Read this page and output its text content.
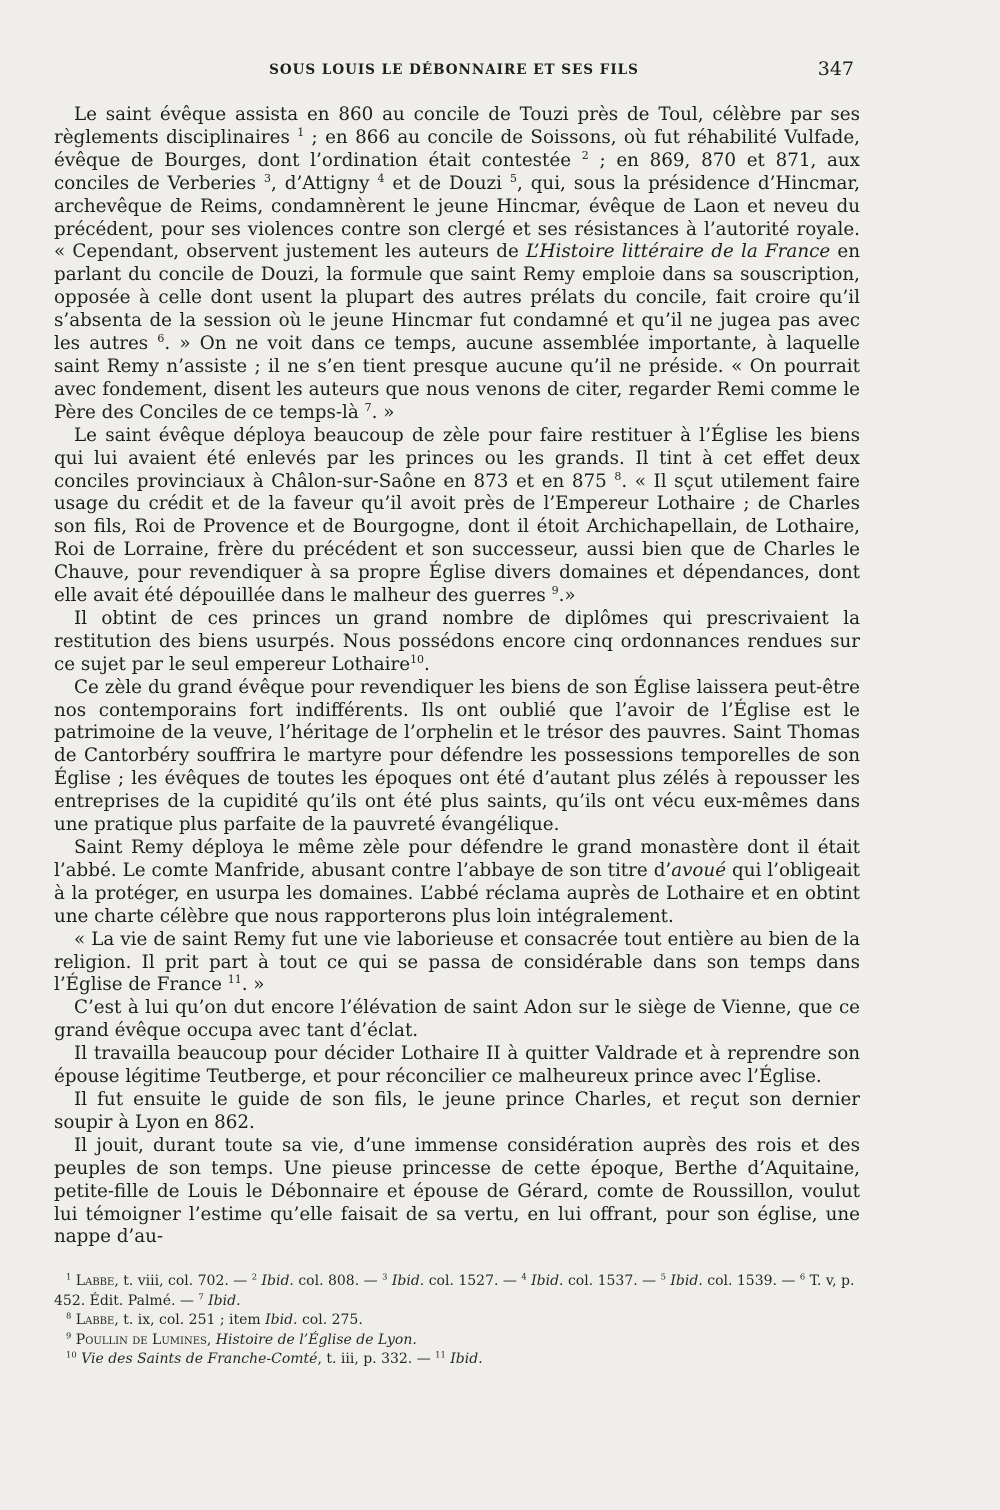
SOUS LOUIS LE DÉBONNAIRE ET SES FILS	347

Le saint évêque assista en 860 au concile de Touzi près de Toul, célèbre par ses règlements disciplinaires $^1$ ; en 866 au concile de Soissons, où fut réhabilité Vulfade, évêque de Bourges, dont l’ordination était contestée $^2$ ; en 869, 870 et 871, aux conciles de Verberies $^3$, d’Attigny $^4$ et de Douzi $^5$, qui, sous la présidence d’Hincmar, archevêque de Reims, condamnèrent le jeune Hincmar, évêque de Laon et neveu du précédent, pour ses violences contre son clergé et ses résistances à l’autorité royale. « Cependant, observent justement les auteurs de L’Histoire littéraire de la France en parlant du concile de Douzi, la formule que saint Remy emploie dans sa souscription, opposée à celle dont usent la plupart des autres prélats du concile, fait croire qu’il s’absenta de la session où le jeune Hincmar fut condamné et qu’il ne jugea pas avec les autres $^6$. » On ne voit dans ce temps, aucune assemblée importante, à laquelle saint Remy n’assiste ; il ne s’en tient presque aucune qu’il ne préside. « On pourrait avec fondement, disent les auteurs que nous venons de citer, regarder Remi comme le Père des Conciles de ce temps-là $^7$. »

Le saint évêque déploya beaucoup de zèle pour faire restituer à l’Église les biens qui lui avaient été enlevés par les princes ou les grands. Il tint à cet effet deux conciles provinciaux à Châlon-sur-Saône en 873 et en 875 $^8$. « Il sçut utilement faire usage du crédit et de la faveur qu’il avoit près de l’Empereur Lothaire ; de Charles son fils, Roi de Provence et de Bourgogne, dont il étoit Archichapellain, de Lothaire, Roi de Lorraine, frère du précédent et son successeur, aussi bien que de Charles le Chauve, pour revendiquer à sa propre Église divers domaines et dépendances, dont elle avait été dépouillée dans le malheur des guerres $^9$.»

Il obtint de ces princes un grand nombre de diplômes qui prescrivaient la restitution des biens usurpés. Nous possédons encore cinq ordonnances rendues sur ce sujet par le seul empereur Lothaire$^{10}$.

Ce zèle du grand évêque pour revendiquer les biens de son Église laissera peut-être nos contemporains fort indifférents. Ils ont oublié que l’avoir de l’Église est le patrimoine de la veuve, l’héritage de l’orphelin et le trésor des pauvres. Saint Thomas de Cantorbéry souffrira le martyre pour défendre les possessions temporelles de son Église ; les évêques de toutes les époques ont été d’autant plus zélés à repousser les entreprises de la cupidité qu’ils ont été plus saints, qu’ils ont vécu eux-mêmes dans une pratique plus parfaite de la pauvreté évangélique.

Saint Remy déploya le même zèle pour défendre le grand monastère dont il était l’abbé. Le comte Manfride, abusant contre l’abbaye de son titre d’avoué qui l’obligeait à la protéger, en usurpa les domaines. L’abbé réclama auprès de Lothaire et en obtint une charte célèbre que nous rapporterons plus loin intégralement.

« La vie de saint Remy fut une vie laborieuse et consacrée tout entière au bien de la religion. Il prit part à tout ce qui se passa de considérable dans son temps dans l’Église de France $^{11}$. »

C’est à lui qu’on dut encore l’élévation de saint Adon sur le siège de Vienne, que ce grand évêque occupa avec tant d’éclat.

Il travailla beaucoup pour décider Lothaire II à quitter Valdrade et à reprendre son épouse légitime Teutberge, et pour réconcilier ce malheureux prince avec l’Église.

Il fut ensuite le guide de son fils, le jeune prince Charles, et reçut son dernier soupir à Lyon en 862.

Il jouit, durant toute sa vie, d’une immense considération auprès des rois et des peuples de son temps. Une pieuse princesse de cette époque, Berthe d’Aquitaine, petite-fille de Louis le Débonnaire et épouse de Gérard, comte de Roussillon, voulut lui témoigner l’estime qu’elle faisait de sa vertu, en lui offrant, pour son église, une nappe d’au-

$^1$ Labbe, t. viii, col. 702. — $^2$ Ibid. col. 808. — $^3$ Ibid. col. 1527. — $^4$ Ibid. col. 1537. — $^5$ Ibid. col. 1539. — $^6$ T. v, p. 452. Édit. Palmé. — $^7$ Ibid.

$^8$ Labbe, t. ix, col. 251 ; item Ibid. col. 275.

$^9$ Poullin de Lumines, Histoire de l’Église de Lyon.

$^{10}$ Vie des Saints de Franche-Comté, t. iii, p. 332. — $^{11}$ Ibid.
